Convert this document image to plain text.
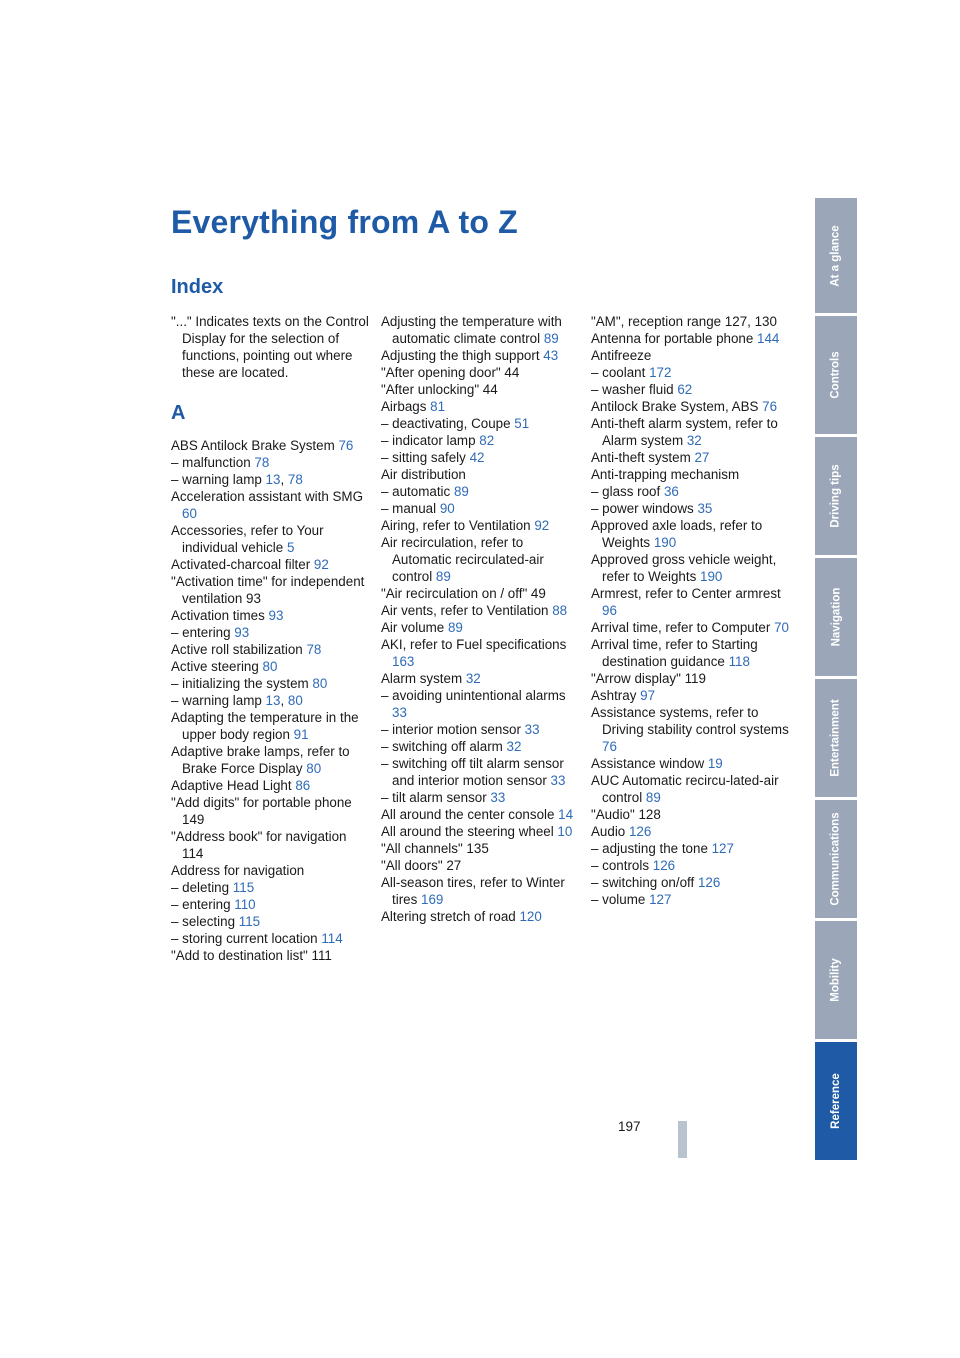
Everything from A to Z
Index

"..." Indicates texts on the Control Display for the selection of functions, pointing out where these are located.

A

ABS Antilock Brake System 76

– malfunction 78

– warning lamp 13, 78

Acceleration assistant with SMG 60

Accessories, refer to Your individual vehicle 5

Activated-charcoal filter 92

"Activation time" for independent ventilation 93

Activation times 93

– entering 93

Active roll stabilization 78

Active steering 80

– initializing the system 80

– warning lamp 13, 80

Adapting the temperature in the upper body region 91

Adaptive brake lamps, refer to Brake Force Display 80

Adaptive Head Light 86

"Add digits" for portable phone 149

"Address book" for navigation 114

Address for navigation

– deleting 115

– entering 110

– selecting 115

– storing current location 114

"Add to destination list" 111

Adjusting the temperature with automatic climate control 89

Adjusting the thigh support 43

"After opening door" 44

"After unlocking" 44

Airbags 81

– deactivating, Coupe 51

– indicator lamp 82

– sitting safely 42

Air distribution

– automatic 89

– manual 90

Airing, refer to Ventilation 92

Air recirculation, refer to Automatic recirculated-air control 89

"Air recirculation on / off" 49

Air vents, refer to Ventilation 88

Air volume 89

AKI, refer to Fuel specifications 163

Alarm system 32

– avoiding unintentional alarms 33

– interior motion sensor 33

– switching off alarm 32

– switching off tilt alarm sensor and interior motion sensor 33

– tilt alarm sensor 33

All around the center console 14

All around the steering wheel 10

"All channels" 135

"All doors" 27

All-season tires, refer to Winter tires 169

Altering stretch of road 120

"AM", reception range 127, 130

Antenna for portable phone 144

Antifreeze

– coolant 172

– washer fluid 62

Antilock Brake System, ABS 76

Anti-theft alarm system, refer to Alarm system 32

Anti-theft system 27

Anti-trapping mechanism

– glass roof 36

– power windows 35

Approved axle loads, refer to Weights 190

Approved gross vehicle weight, refer to Weights 190

Armrest, refer to Center armrest 96

Arrival time, refer to Computer 70

Arrival time, refer to Starting destination guidance 118

"Arrow display" 119

Ashtray 97

Assistance systems, refer to Driving stability control systems 76

Assistance window 19

AUC Automatic recircu-lated-air control 89

"Audio" 128

Audio 126

– adjusting the tone 127

– controls 126

– switching on/off 126

– volume 127

At a glance
Controls
Driving tips
Navigation
Entertainment
Communications
Mobility
Reference
197
